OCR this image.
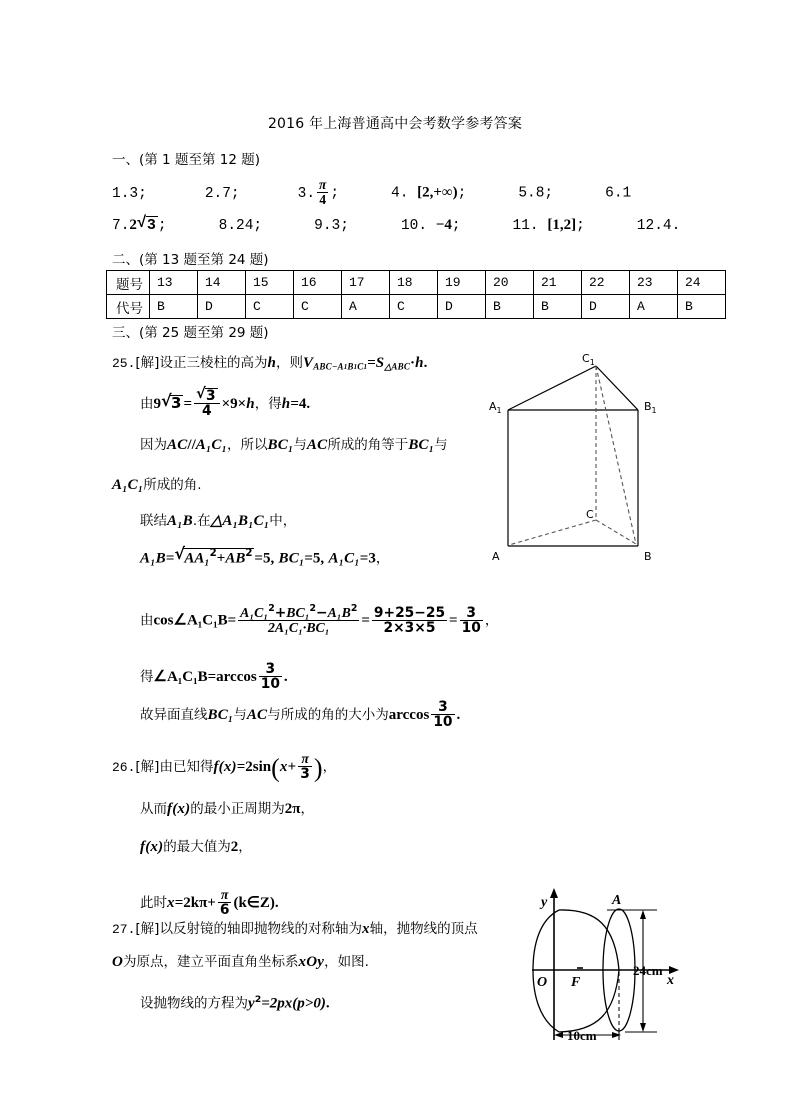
2016 年上海普通高中会考数学参考答案
一、(第 1 题至第 12 题)
1.3;	2.7;	3. $\frac{\pi}{4}$ ;	4. [2,+∞);	5.8;	6.1
7.2 √ 3 ;	8.24;	9.3;	10. −4;	11. [1,2];	12.4.
二、(第 13 题至第 24 题)
题号	13	14	15	16	17	18	19	20	21	22	23	24
代号	B	D	C	C	A	C	D	B	B	D	A	B
三、(第 25 题至第 29 题)
25.[解]设正三棱柱的高为h，则$V_{ABC-A1B1C1}=S_{\triangle ABC}\cdot h$.
由9 √ 3 = √ $\frac{3}{4} \times 9\times h$，得h=4.
因为AC//A₁C₁，所以BC₁与AC所成的角等于BC₁与
A₁C₁所成的角.
联结A₁B.在△A₁B₁C₁中，
A₁B= √ $AA_1^2+AB^2 =5$, BC₁=5, A₁C₁=3，
由cos∠A₁C₁B= $\frac{A_1C_1^2+BC_1^2-A_1B^2}{\text{2A₁C₁·BC₁}} = \frac{9+25-25}{2\times 3\times 5} = \frac{3}{10}$ ，
得∠A₁C₁B=arccos $\frac{3}{10}$ .
故异面直线BC₁与AC与所成的角的大小为$\arccos \frac{3}{10}$ .
26.[解]由已知得$f(x)=2\sin(x+ \frac{\pi}{3}$ )，
从而f(x)的最小正周期为2π，
f(x)的最大值为2，
此时$x=2k\pi+ \frac{\pi}{6}$ (k∈Z).
27.[解]以反射镜的轴即抛物线的对称轴为x轴，抛物线的顶点
O为原点，建立平面直角坐标系xOy，如图.
设抛物线的方程为$y^2=2px(p>0)$.
$A_1$	$B_1$
$C_1$
C
A	B
y
x
O F
A
24cm
10cm
